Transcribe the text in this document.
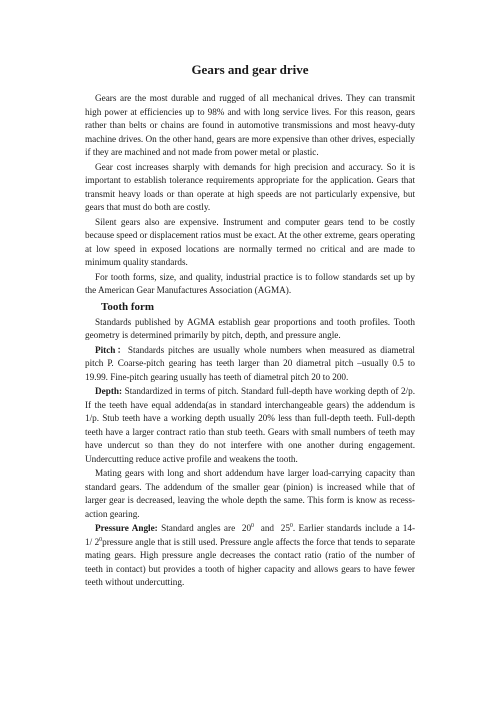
Gears and gear drive

Gears are the most durable and rugged of all mechanical drives. They can transmit high power at efficiencies up to 98% and with long service lives. For this reason, gears rather than belts or chains are found in automotive transmissions and most heavy-duty machine drives. On the other hand, gears are more expensive than other drives, especially if they are machined and not made from power metal or plastic.

Gear cost increases sharply with demands for high precision and accuracy. So it is important to establish tolerance requirements appropriate for the application. Gears that transmit heavy loads or than operate at high speeds are not particularly expensive, but gears that must do both are costly.

Silent gears also are expensive. Instrument and computer gears tend to be costly because speed or displacement ratios must be exact. At the other extreme, gears operating at low speed in exposed locations are normally termed no critical and are made to minimum quality standards.

For tooth forms, size, and quality, industrial practice is to follow standards set up by the American Gear Manufactures Association (AGMA).

Tooth form

Standards published by AGMA establish gear proportions and tooth profiles. Tooth geometry is determined primarily by pitch, depth, and pressure angle.

Pitch：Standards pitches are usually whole numbers when measured as diametral pitch P. Coarse-pitch gearing has teeth larger than 20 diametral pitch –usually 0.5 to 19.99. Fine-pitch gearing usually has teeth of diametral pitch 20 to 200.

Depth: Standardized in terms of pitch. Standard full-depth have working depth of 2/p. If the teeth have equal addenda(as in standard interchangeable gears) the addendum is 1/p. Stub teeth have a working depth usually 20% less than full-depth teeth. Full-depth teeth have a larger contract ratio than stub teeth. Gears with small numbers of teeth may have undercut so than they do not interfere with one another during engagement. Undercutting reduce active profile and weakens the tooth.

Mating gears with long and short addendum have larger load-carrying capacity than standard gears. The addendum of the smaller gear (pinion) is increased while that of larger gear is decreased, leaving the whole depth the same. This form is know as recess-action gearing.

Pressure Angle: Standard angles are $20^0$ and $25^0$. Earlier standards include a 14-1/ $2^0pressure$ angle that is still used. Pressure angle affects the force that tends to separate mating gears. High pressure angle decreases the contact ratio (ratio of the number of teeth in contact) but provides a tooth of higher capacity and allows gears to have fewer teeth without undercutting.
